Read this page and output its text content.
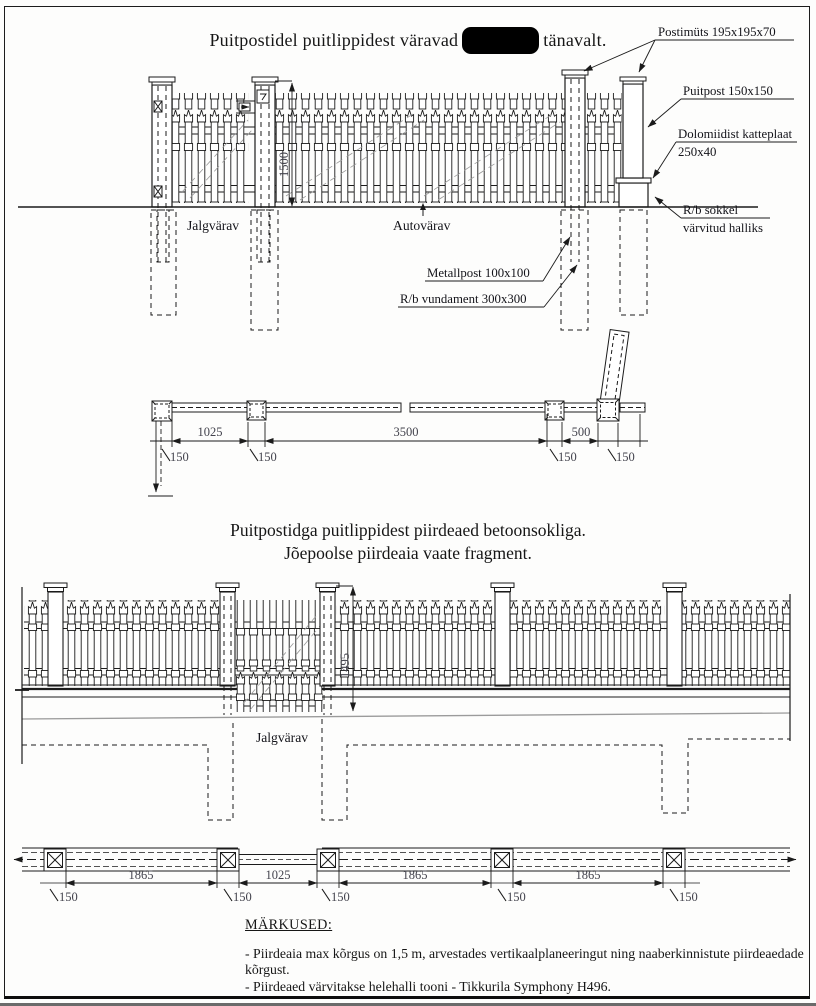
1500
Jalgvärav	Autovärav
Postimüts 195x195x70
Puitpost 150x150
Dolomiidist katteplaat
250x40
R/b sokkel
värvitud halliks
Metallpost 100x100
R/b vundament 300x300
1025	3500	500
150	150	150	150
1495
Jalgvärav
1865	1025	1865	1865
150	150	150	150	150
Puitpostidel puitlippidest väravad	tänavalt.
Puitpostidga puitlippidest piirdeaed betoonsokliga.
Jõepoolse piirdeaia vaate fragment.
MÄRKUSED:
- Piirdeaia max kõrgus on 1,5 m, arvestades vertikaalplaneeringut ning naaberkinnistute piirdeaedade kõrgust.
- Piirdeaed värvitakse helehalli tooni - Tikkurila Symphony H496.
